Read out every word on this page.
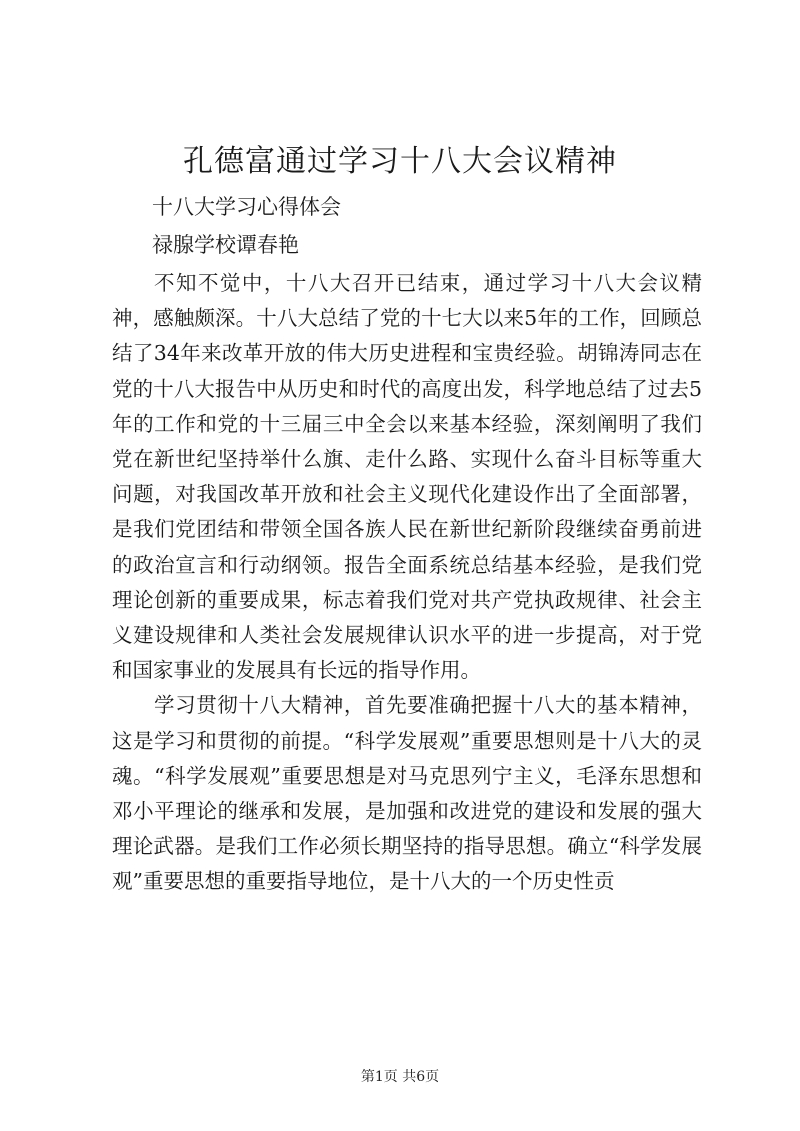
孔德富通过学习十八大会议精神

十八大学习心得体会

禄腺学校谭春艳

不知不觉中，十八大召开已结束，通过学习十八大会议精神，感触颇深。十八大总结了党的十七大以来5年的工作，回顾总结了34年来改革开放的伟大历史进程和宝贵经验。胡锦涛同志在党的十八大报告中从历史和时代的高度出发，科学地总结了过去5年的工作和党的十三届三中全会以来基本经验，深刻阐明了我们党在新世纪坚持举什么旗、走什么路、实现什么奋斗目标等重大问题，对我国改革开放和社会主义现代化建设作出了全面部署，是我们党团结和带领全国各族人民在新世纪新阶段继续奋勇前进的政治宣言和行动纲领。报告全面系统总结基本经验，是我们党理论创新的重要成果，标志着我们党对共产党执政规律、社会主义建设规律和人类社会发展规律认识水平的进一步提高，对于党和国家事业的发展具有长远的指导作用。

学习贯彻十八大精神，首先要准确把握十八大的基本精神，这是学习和贯彻的前提。“科学发展观”重要思想则是十八大的灵魂。“科学发展观”重要思想是对马克思列宁主义，毛泽东思想和邓小平理论的继承和发展，是加强和改进党的建设和发展的强大理论武器。是我们工作必须长期坚持的指导思想。确立“科学发展观”重要思想的重要指导地位，是十八大的一个历史性贡

第1页 共6页
